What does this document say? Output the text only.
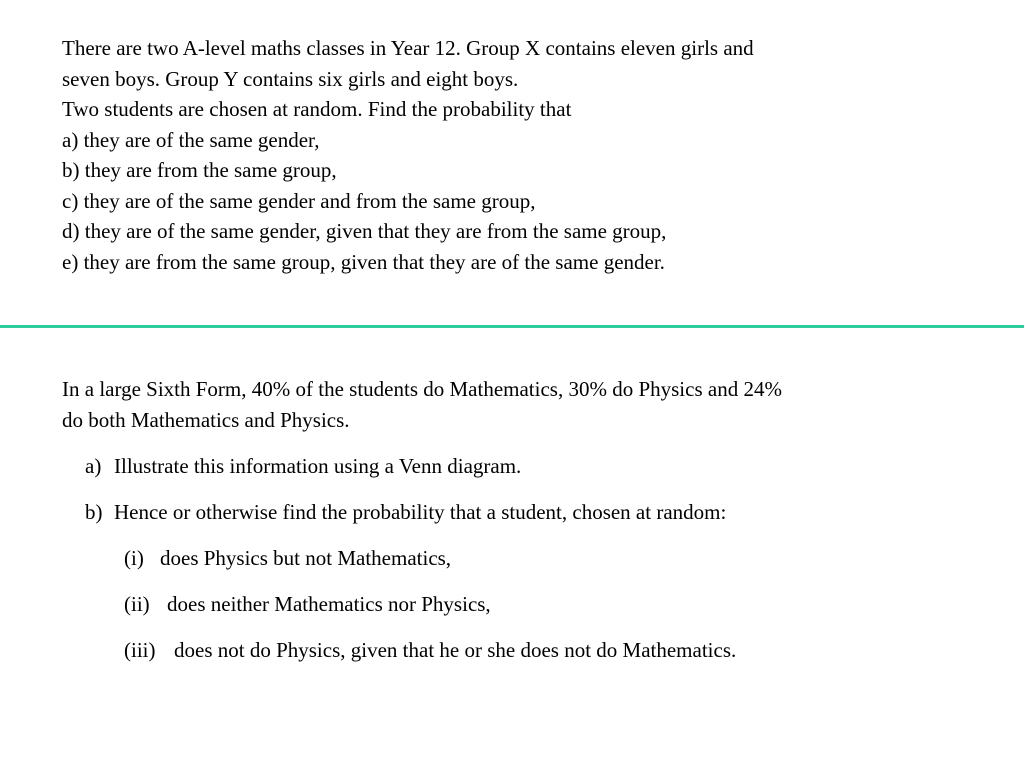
There are two A-level maths classes in Year 12. Group X contains eleven girls and
seven boys. Group Y contains six girls and eight boys.
Two students are chosen at random. Find the probability that
a) they are of the same gender,
b) they are from the same group,
c) they are of the same gender and from the same group,
d) they are of the same gender, given that they are from the same group,
e) they are from the same group, given that they are of the same gender.
In a large Sixth Form, 40% of the students do Mathematics, 30% do Physics and 24%
do both Mathematics and Physics.
a) Illustrate this information using a Venn diagram.
b) Hence or otherwise find the probability that a student, chosen at random:
(i) does Physics but not Mathematics,
(ii) does neither Mathematics nor Physics,
(iii) does not do Physics, given that he or she does not do Mathematics.
